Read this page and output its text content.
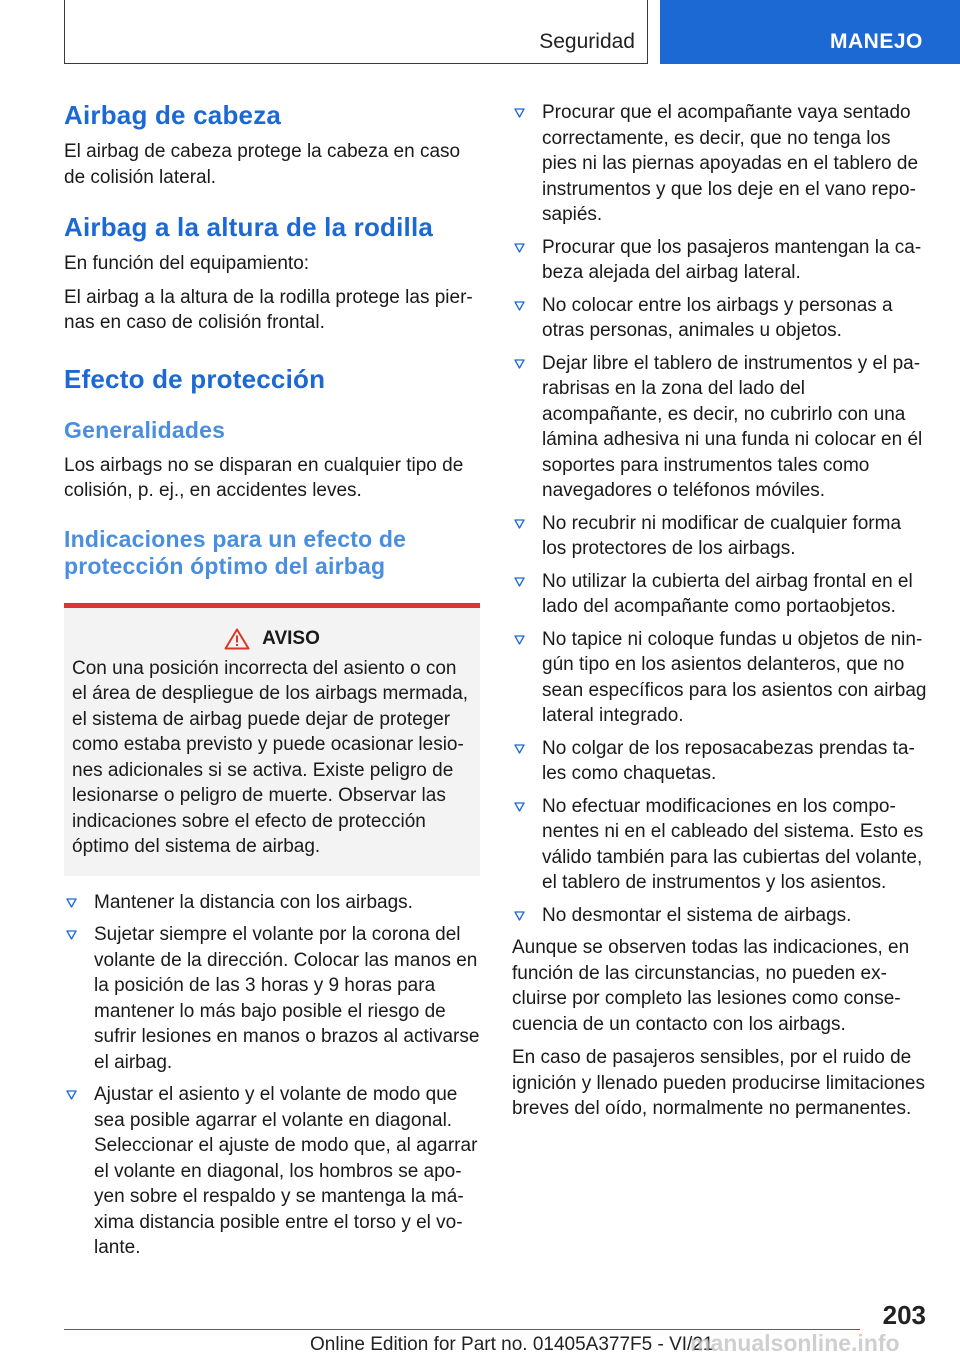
Seguridad	MANEJO
Airbag de cabeza

El airbag de cabeza protege la cabeza en caso de colisión lateral.

Airbag a la altura de la rodilla

En función del equipamiento:

El airbag a la altura de la rodilla protege las piernas en caso de colisión frontal.

Efecto de protección
Generalidades

Los airbags no se disparan en cualquier tipo de colisión, p. ej., en accidentes leves.

Indicaciones para un efecto de protección óptimo del airbag
AVISO

Con una posición incorrecta del asiento o con el área de despliegue de los airbags mermada, el sistema de airbag puede dejar de proteger como estaba previsto y puede ocasionar lesiones adicionales si se activa. Existe peligro de lesionarse o peligro de muerte. Observar las indicaciones sobre el efecto de protección óptimo del sistema de airbag.

Mantener la distancia con los airbags.
Sujetar siempre el volante por la corona del volante de la dirección. Colocar las manos en la posición de las 3 horas y 9 horas para mantener lo más bajo posible el riesgo de sufrir lesiones en manos o brazos al activarse el airbag.
Ajustar el asiento y el volante de modo que sea posible agarrar el volante en diagonal. Seleccionar el ajuste de modo que, al agarrar el volante en diagonal, los hombros se apoyen sobre el respaldo y se mantenga la máxima distancia posible entre el torso y el volante.
Procurar que el acompañante vaya sentado correctamente, es decir, que no tenga los pies ni las piernas apoyadas en el tablero de instrumentos y que los deje en el vano reposapiés.
Procurar que los pasajeros mantengan la cabeza alejada del airbag lateral.
No colocar entre los airbags y personas a otras personas, animales u objetos.
Dejar libre el tablero de instrumentos y el parabrisas en la zona del lado del acompañante, es decir, no cubrirlo con una lámina adhesiva ni una funda ni colocar en él soportes para instrumentos tales como navegadores o teléfonos móviles.
No recubrir ni modificar de cualquier forma los protectores de los airbags.
No utilizar la cubierta del airbag frontal en el lado del acompañante como portaobjetos.
No tapice ni coloque fundas u objetos de ningún tipo en los asientos delanteros, que no sean específicos para los asientos con airbag lateral integrado.
No colgar de los reposacabezas prendas tales como chaquetas.
No efectuar modificaciones en los componentes ni en el cableado del sistema. Esto es válido también para las cubiertas del volante, el tablero de instrumentos y los asientos.
No desmontar el sistema de airbags.

Aunque se observen todas las indicaciones, en función de las circunstancias, no pueden excluirse por completo las lesiones como consecuencia de un contacto con los airbags.

En caso de pasajeros sensibles, por el ruido de ignición y llenado pueden producirse limitaciones breves del oído, normalmente no permanentes.

203
Online Edition for Part no. 01405A377F5 - VI/21
manualsonline.info
